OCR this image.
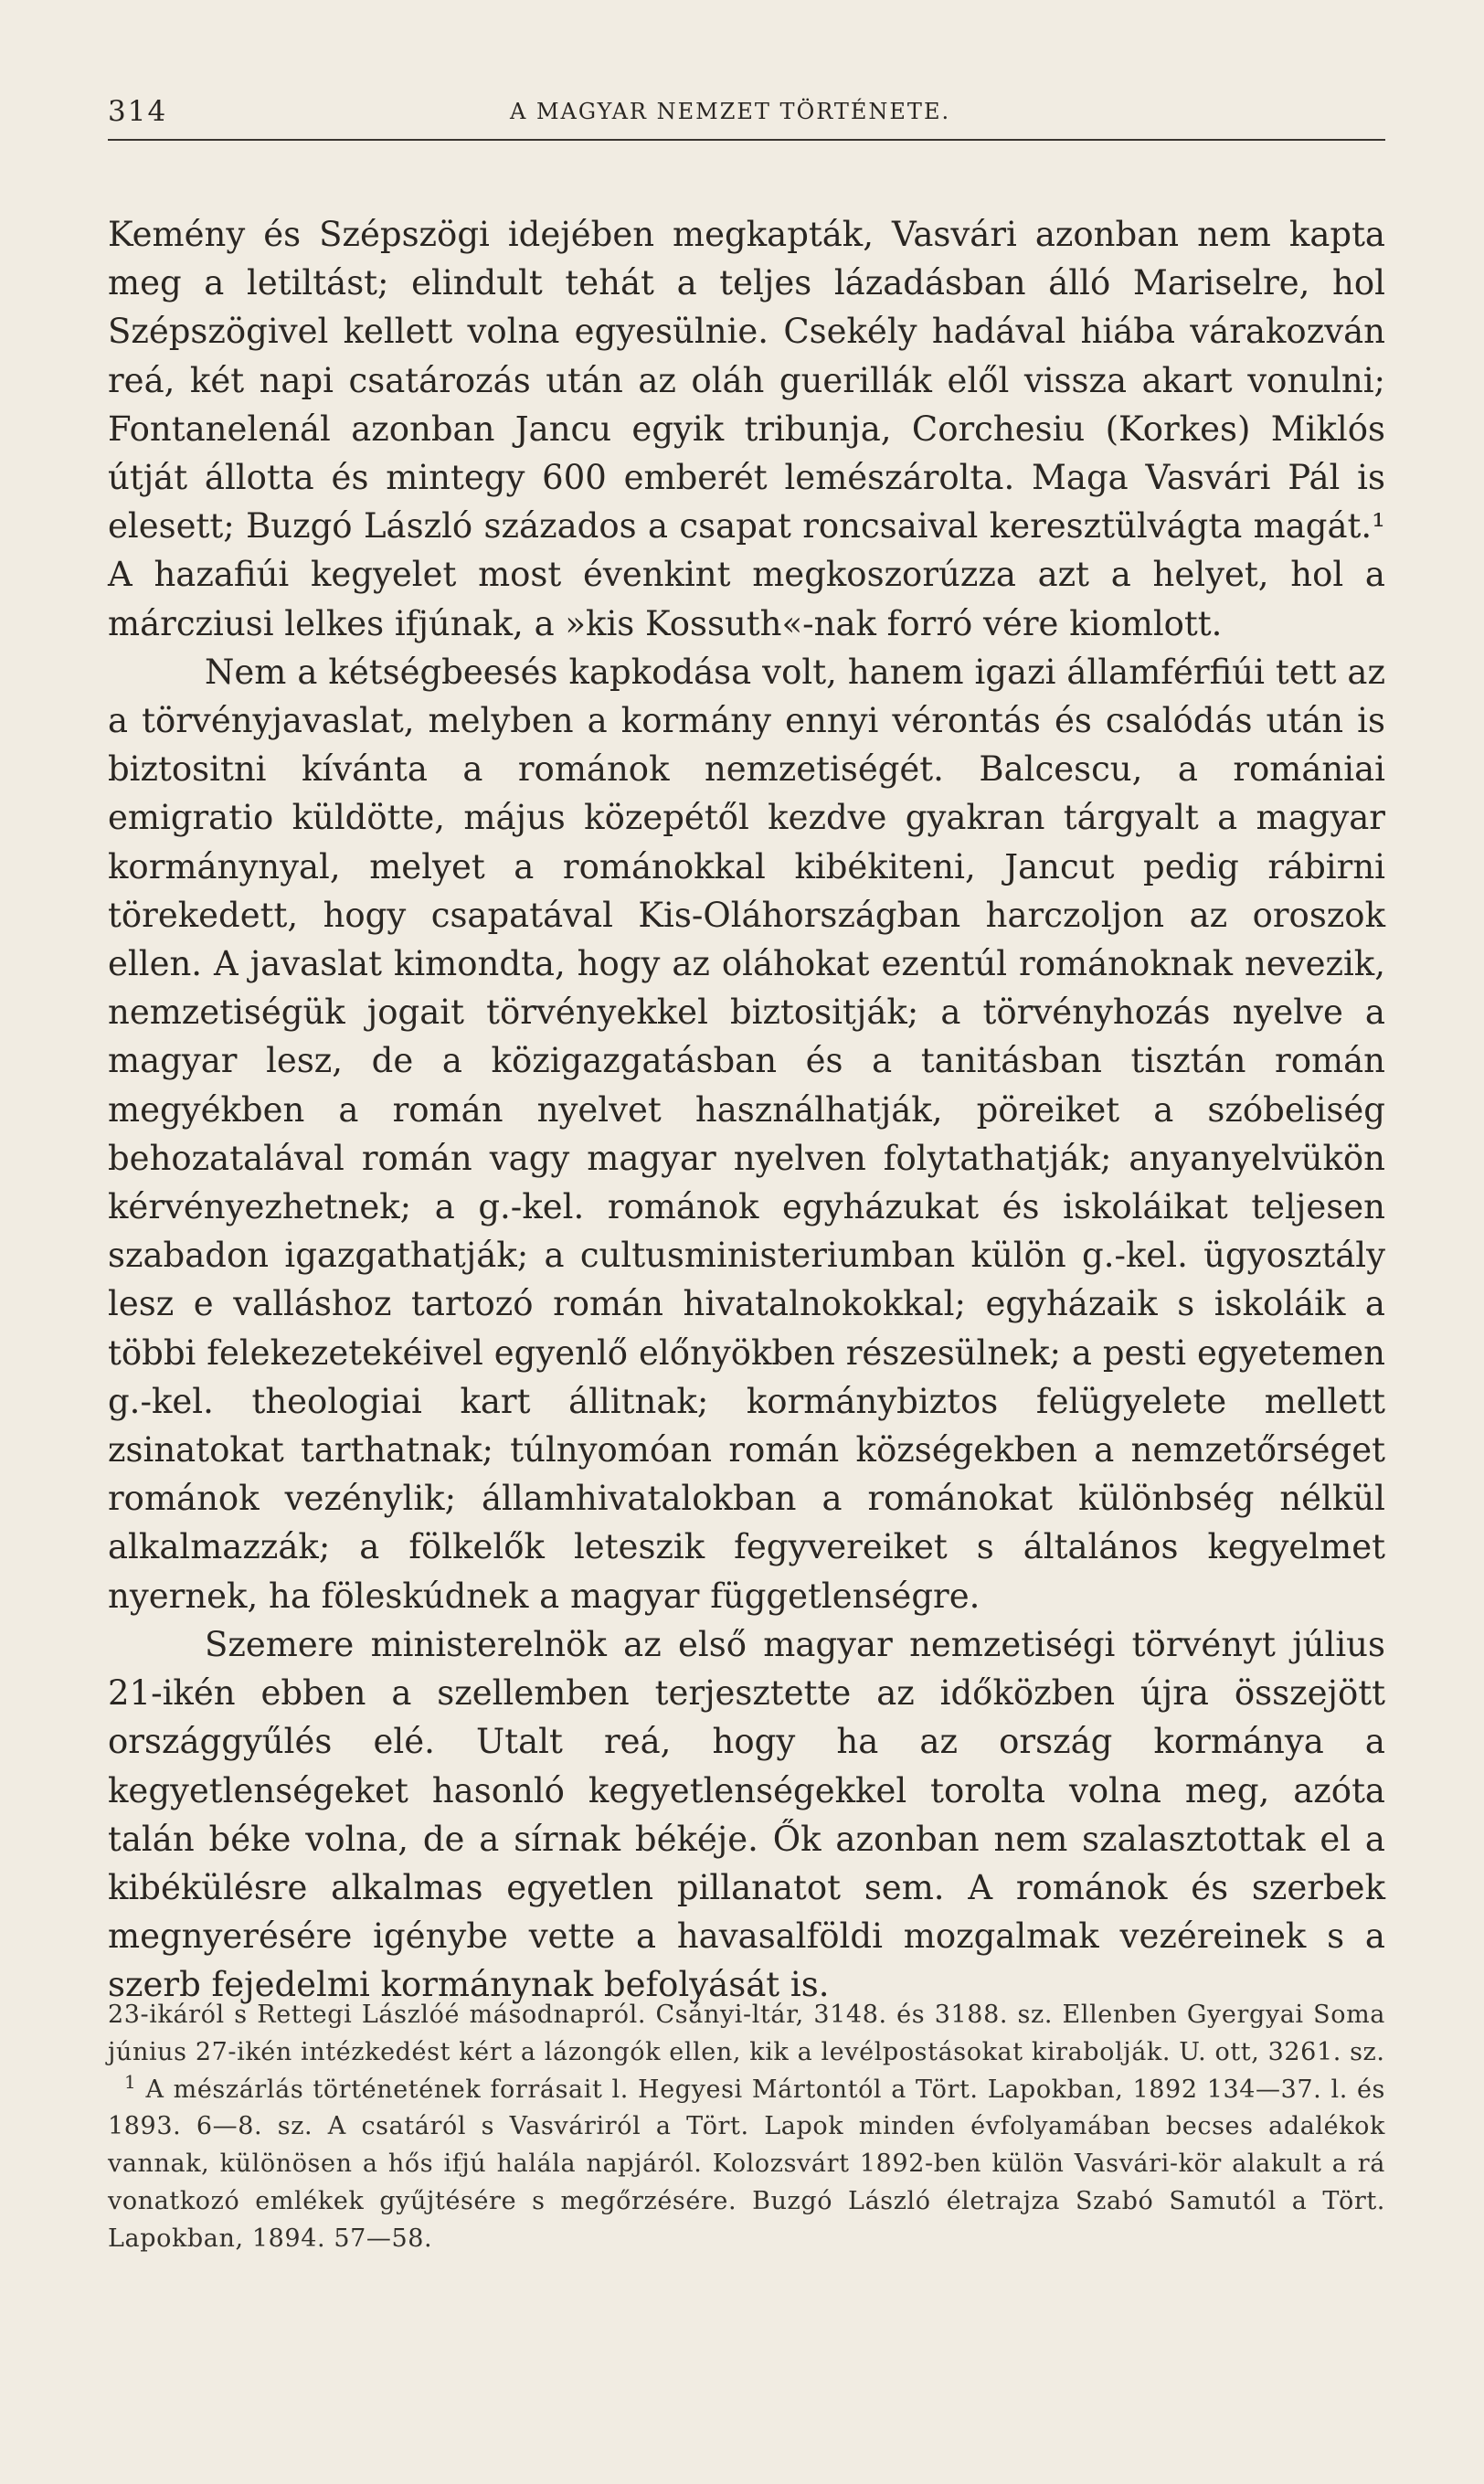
314	A MAGYAR NEMZET TÖRTÉNETE.

Kemény és Szépszögi idejében megkapták, Vasvári azonban nem kapta meg a letiltást; elindult tehát a teljes lázadásban álló Mariselre, hol Szépszögivel kellett volna egyesülnie. Csekély hadával hiába várakozván reá, két napi csatározás után az oláh guerillák elől vissza akart vonulni; Fontanelenál azonban Jancu egyik tribunja, Corchesiu (Korkes) Miklós útját állotta és mintegy 600 emberét lemészárolta. Maga Vasvári Pál is elesett; Buzgó László százados a csapat roncsaival keresztülvágta magát.¹ A hazafiúi kegyelet most évenkint megkoszorúzza azt a helyet, hol a márcziusi lelkes ifjúnak, a »kis Kossuth«-nak forró vére kiomlott.

Nem a kétségbeesés kapkodása volt, hanem igazi államférfiúi tett az a törvényjavaslat, melyben a kormány ennyi vérontás és csalódás után is biztositni kívánta a románok nemzetiségét. Balcescu, a romániai emigratio küldötte, május közepétől kezdve gyakran tárgyalt a magyar kormánynyal, melyet a románokkal kibékiteni, Jancut pedig rábirni törekedett, hogy csapatával Kis-Oláhországban harczoljon az oroszok ellen. A javaslat kimondta, hogy az oláhokat ezentúl románoknak nevezik, nemzetiségük jogait törvényekkel biztositják; a törvényhozás nyelve a magyar lesz, de a közigazgatásban és a tanitásban tisztán román megyékben a román nyelvet használhatják, pöreiket a szóbeliség behozatalával román vagy magyar nyelven folytathatják; anyanyelvükön kérvényezhetnek; a g.-kel. románok egyházukat és iskoláikat teljesen szabadon igazgathatják; a cultusministeriumban külön g.-kel. ügyosztály lesz e valláshoz tartozó román hivatalnokokkal; egyházaik s iskoláik a többi felekezetekéivel egyenlő előnyökben részesülnek; a pesti egyetemen g.-kel. theologiai kart állitnak; kormánybiztos felügyelete mellett zsinatokat tarthatnak; túlnyomóan román községekben a nemzetőrséget románok vezénylik; államhivatalokban a románokat különbség nélkül alkalmazzák; a fölkelők leteszik fegyvereiket s általános kegyelmet nyernek, ha föleskúdnek a magyar függetlenségre.

Szemere ministerelnök az első magyar nemzetiségi törvényt július 21-ikén ebben a szellemben terjesztette az időközben újra összejött országgyűlés elé. Utalt reá, hogy ha az ország kormánya a kegyetlenségeket hasonló kegyetlenségekkel torolta volna meg, azóta talán béke volna, de a sírnak békéje. Ők azonban nem szalasztottak el a kibékülésre alkalmas egyetlen pillanatot sem. A románok és szerbek megnyerésére igénybe vette a havasalföldi mozgalmak vezéreinek s a szerb fejedelmi kormánynak befolyását is.

23-ikáról s Rettegi Lászlóé másodnapról. Csányi-ltár, 3148. és 3188. sz. Ellenben Gyergyai Soma június 27-ikén intézkedést kért a lázongók ellen, kik a levélpostásokat kirabolják. U. ott, 3261. sz.

$^1$ A mészárlás történetének forrásait l. Hegyesi Mártontól a Tört. Lapokban, 1892 134—37. l. és 1893. 6—8. sz. A csatáról s Vasváriról a Tört. Lapok minden évfolyamában becses adalékok vannak, különösen a hős ifjú halála napjáról. Kolozsvárt 1892-ben külön Vasvári-kör alakult a rá vonatkozó emlékek gyűjtésére s megőrzésére. Buzgó László életrajza Szabó Samutól a Tört. Lapokban, 1894. 57—58.
